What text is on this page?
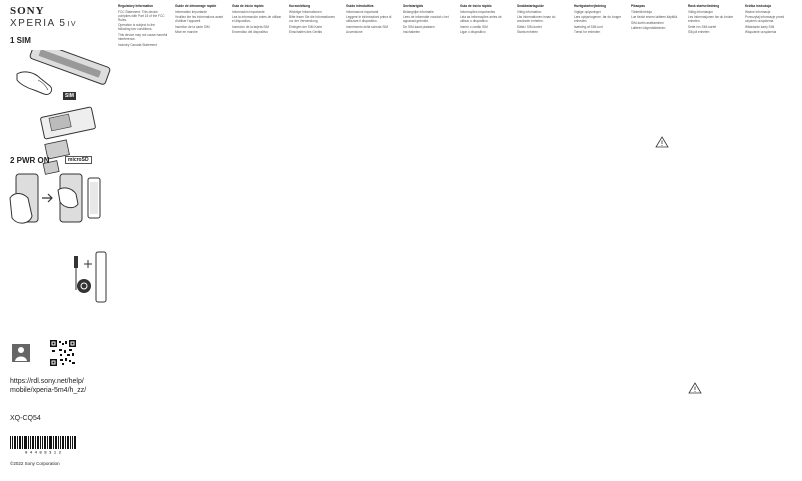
SONY
XPERIA 5IV
1 SIM
SIM
microSD
2 PWR ON
https://rdl.sony.net/help/
mobile/xperia-5m4/h_zz/
XQ-CQ54
0 4 4 8 8 3 1 2
©2022 Sony Corporation

Regulatory Information

FCC Statement: This device complies with Part 15 of the FCC Rules.

Operation is subject to the following two conditions.

This device may not cause harmful interference.

Industry Canada Statement

Guide de démarrage rapide

Information importante

Veuillez lire les informations avant d'utiliser l'appareil.

Insertion de la carte SIM

Mise en marche

Guía de inicio rápido

Información importante

Lea la información antes de utilizar el dispositivo.

Inserción de la tarjeta SIM

Encendido del dispositivo

Kurzanleitung

Wichtige Informationen

Bitte lesen Sie die Informationen vor der Verwendung.

Einlegen der SIM-Karte

Einschalten des Geräts

Guida introduttiva

Informazioni importanti

Leggere le informazioni prima di utilizzare il dispositivo.

Inserimento della scheda SIM

Accensione

Snelstartgids

Belangrijke informatie

Lees de informatie voordat u het apparaat gebruikt.

De SIM-kaart plaatsen

Inschakelen

Guia de início rápido

Informações importantes

Leia as informações antes de utilizar o dispositivo.

Inserir o cartão SIM

Ligar o dispositivo

Snabbstartsguide

Viktig information

Läs informationen innan du använder enheten.

Sätta i SIM-kortet

Starta enheten

Hurtigstartvejledning

Vigtige oplysninger

Læs oplysningerne, før du bruger enheden.

Isætning af SIM-kort

Tænd for enheden

Pikaopas

Tärkeitä tietoja

Lue tiedot ennen laitteen käyttöä.

SIM-kortin asettaminen

Laitteen käynnistäminen

Rask startveiledning

Viktig informasjon

Les informasjonen før du bruker enheten.

Sette inn SIM-kortet

Slå på enheten

Krótka instrukcja

Ważne informacje

Przeczytaj informacje przed użyciem urządzenia.

Wkładanie karty SIM

Włączanie urządzenia
